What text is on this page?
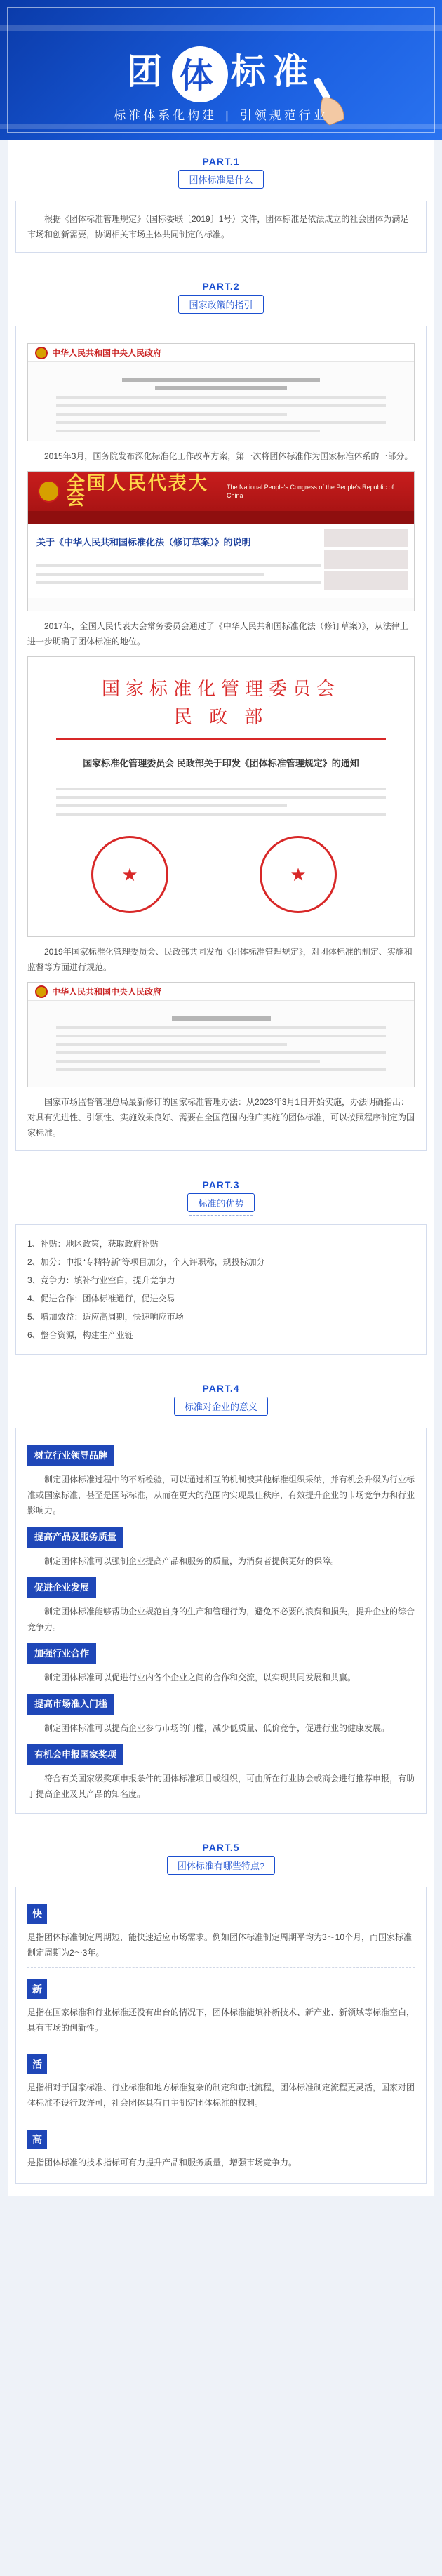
团 体 标准
标准体系化构建 | 引领规范行业
PART.1
团体标准是什么

根据《团体标准管理规定》（国标委联〔2019〕1号）文件，团体标准是依法成立的社会团体为满足市场和创新需要，协调相关市场主体共同制定的标准。

PART.2
国家政策的指引
中华人民共和国中央人民政府

2015年3月，国务院发布深化标准化工作改革方案，第一次将团体标准作为国家标准体系的一部分。

全国人民代表大会
The National People's Congress of the People's Republic of China
关于《中华人民共和国标准化法（修订草案）》的说明

2017年，全国人民代表大会常务委员会通过了《中华人民共和国标准化法（修订草案）》，从法律上进一步明确了团体标准的地位。

国家标准化管理委员会
民 政 部
国家标准化管理委员会 民政部关于印发《团体标准管理规定》的通知
★	★

2019年国家标准化管理委员会、民政部共同发布《团体标准管理规定》，对团体标准的制定、实施和监督等方面进行规范。

中华人民共和国中央人民政府

国家市场监督管理总局最新修订的国家标准管理办法：从2023年3月1日开始实施，办法明确指出：对具有先进性、引领性、实施效果良好、需要在全国范围内推广实施的团体标准，可以按照程序制定为国家标准。

PART.3
标准的优势
1、补贴：地区政策，获取政府补贴
2、加分：申报“专精特新”等项目加分，个人评职称，规投标加分
3、竞争力：填补行业空白，提升竞争力
4、促进合作：团体标准通行，促进交易
5、增加效益：适应高周期，快速响应市场
6、整合资源，构建生产业链
PART.4
标准对企业的意义
树立行业领导品牌

制定团体标准过程中的不断检验，可以通过相互的机制被其他标准组织采纳，并有机会升级为行业标准或国家标准，甚至是国际标准，从而在更大的范围内实现最佳秩序，有效提升企业的市场竞争力和行业影响力。

提高产品及服务质量

制定团体标准可以强制企业提高产品和服务的质量，为消费者提供更好的保障。

促进企业发展

制定团体标准能够帮助企业规范自身的生产和管理行为，避免不必要的浪费和损失，提升企业的综合竞争力。

加强行业合作

制定团体标准可以促进行业内各个企业之间的合作和交流，以实现共同发展和共赢。

提高市场准入门槛

制定团体标准可以提高企业参与市场的门槛，减少低质量、低价竞争，促进行业的健康发展。

有机会申报国家奖项

符合有关国家级奖项申报条件的团体标准项目或组织，可由所在行业协会或商会进行推荐申报，有助于提高企业及其产品的知名度。

PART.5
团体标准有哪些特点?
快

是指团体标准制定周期短，能快速适应市场需求。例如团体标准制定周期平均为3～10个月，而国家标准制定周期为2～3年。

新

是指在国家标准和行业标准还没有出台的情况下，团体标准能填补新技术、新产业、新领域等标准空白，具有市场的创新性。

活

是指相对于国家标准、行业标准和地方标准复杂的制定和审批流程，团体标准制定流程更灵活，国家对团体标准不设行政许可，社会团体具有自主制定团体标准的权利。

高

是指团体标准的技术指标可有力提升产品和服务质量，增强市场竞争力。
